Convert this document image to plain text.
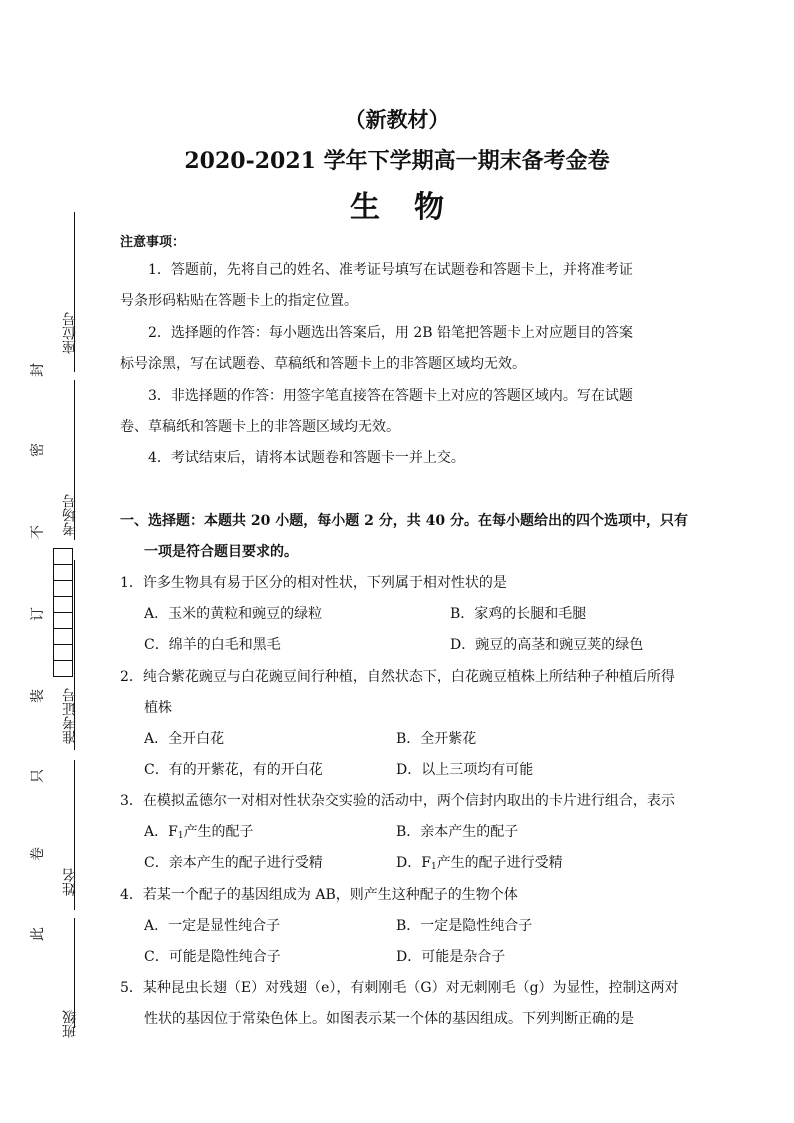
（新教材）
2020-2021 学年下学期高一期末备考金卷
生物
注意事项：
1．答题前，先将自己的姓名、准考证号填写在试题卷和答题卡上，并将准考证
号条形码粘贴在答题卡上的指定位置。
2．选择题的作答：每小题选出答案后，用 2B 铅笔把答题卡上对应题目的答案
标号涂黑，写在试题卷、草稿纸和答题卡上的非答题区域均无效。
3．非选择题的作答：用签字笔直接答在答题卡上对应的答题区域内。写在试题
卷、草稿纸和答题卡上的非答题区域均无效。
4．考试结束后，请将本试题卷和答题卡一并上交。
一、选择题：本题共 20 小题，每小题 2 分，共 40 分。在每小题给出的四个选项中，只有
一项是符合题目要求的。
1．许多生物具有易于区分的相对性状，下列属于相对性状的是
A．玉米的黄粒和豌豆的绿粒	B．家鸡的长腿和毛腿
C．绵羊的白毛和黑毛	D．豌豆的高茎和豌豆荚的绿色
2．纯合紫花豌豆与白花豌豆间行种植，自然状态下，白花豌豆植株上所结种子种植后所得
植株
A．全开白花	B．全开紫花
C．有的开紫花，有的开白花	D．以上三项均有可能
3．在模拟孟德尔一对相对性状杂交实验的活动中，两个信封内取出的卡片进行组合，表示
A．$F_1$产生的配子	B．亲本产生的配子
C．亲本产生的配子进行受精	D．$F_1$产生的配子进行受精
4．若某一个配子的基因组成为 AB，则产生这种配子的生物个体
A．一定是显性纯合子	B．一定是隐性纯合子
C．可能是隐性纯合子	D．可能是杂合子
5．某种昆虫长翅（E）对残翅（e），有刺刚毛（G）对无刺刚毛（g）为显性，控制这两对
性状的基因位于常染色体上。如图表示某一个体的基因组成。下列判断正确的是
座位号
考场号
准考证号
姓名
班级
封
密
不
订
装
只
卷
此
